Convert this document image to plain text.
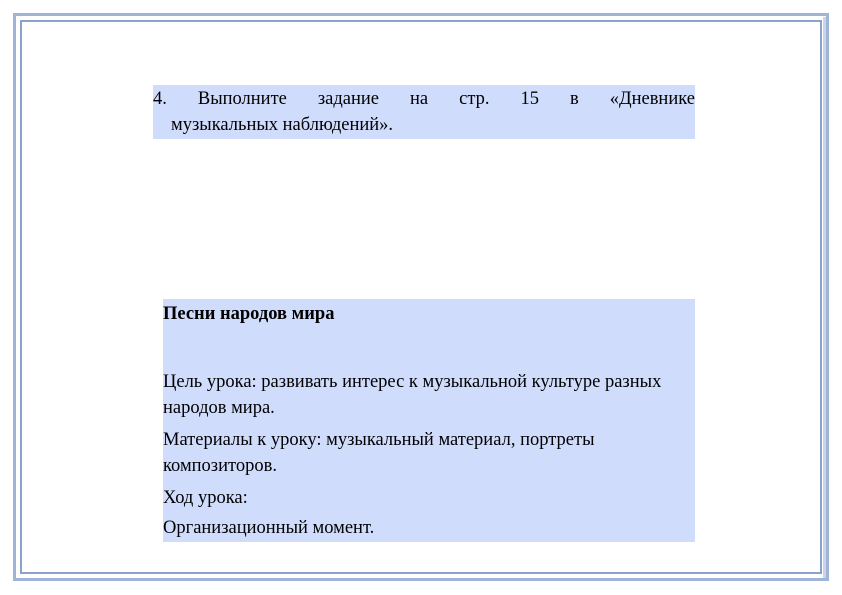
4. Выполните задание на стр. 15 в «Дневнике

музыкальных наблюдений».

Песни народов мира

Цель урока: развивать интерес к музыкальной культуре разных народов мира.

Материалы к уроку: музыкальный материал, портреты композиторов.

Ход урока:

Организационный момент.
